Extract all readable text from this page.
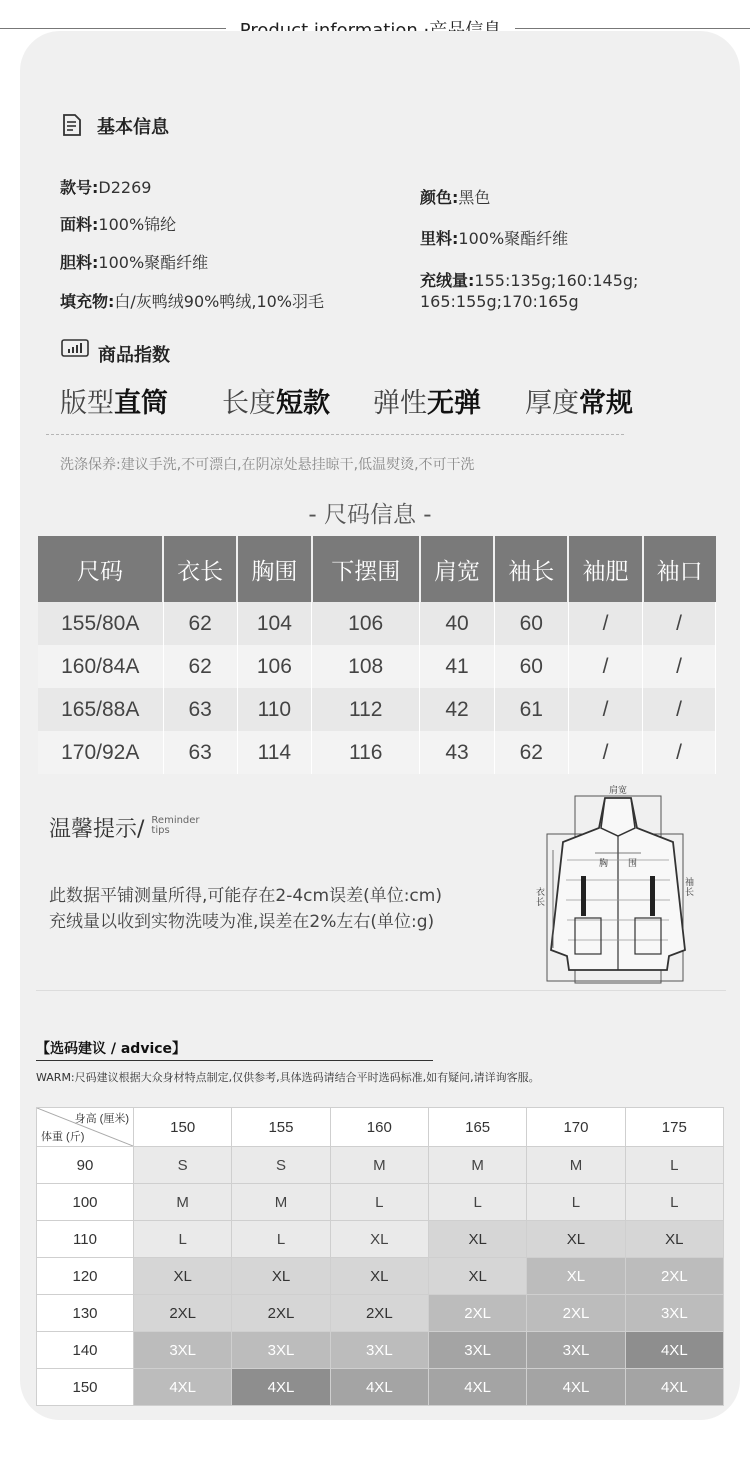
基本信息
款号:D2269
面料:100%锦纶
胆料:100%聚酯纤维
填充物:白/灰鸭绒90%鸭绒,10%羽毛
颜色:黑色
里料:100%聚酯纤维
充绒量:155:135g;160:145g;
165:155g;170:165g
商品指数
版型直筒 长度短款 弹性无弹 厚度常规
洗涤保养:建议手洗,不可漂白,在阴凉处悬挂晾干,低温熨烫,不可干洗
- 尺码信息 -
尺码	衣长	胸围	下摆围	肩宽	袖长	袖肥	袖口
155/80A	62	104	106	40	60	/	/
160/84A	62	106	108	41	60	/	/
165/88A	63	110	112	42	61	/	/
170/92A	63	114	116	43	62	/	/
温馨提示/ Reminder
tips
此数据平铺测量所得,可能存在2-4cm误差(单位:cm)
充绒量以收到实物洗唛为准,误差在2%左右(单位:g)
肩宽
胸 围
衣长
袖长
【选码建议 / advice】
WARM:尺码建议根据大众身材特点制定,仅供参考,具体选码请结合平时选码标准,如有疑问,请详询客服。
身高 (厘米)
体重 (斤)	150	155	160	165	170	175
90	S	S	M	M	M	L
100	M	M	L	L	L	L
110	L	L	XL	XL	XL	XL
120	XL	XL	XL	XL	XL	2XL
130	2XL	2XL	2XL	2XL	2XL	3XL
140	3XL	3XL	3XL	3XL	3XL	4XL
150	4XL	4XL	4XL	4XL	4XL	4XL
